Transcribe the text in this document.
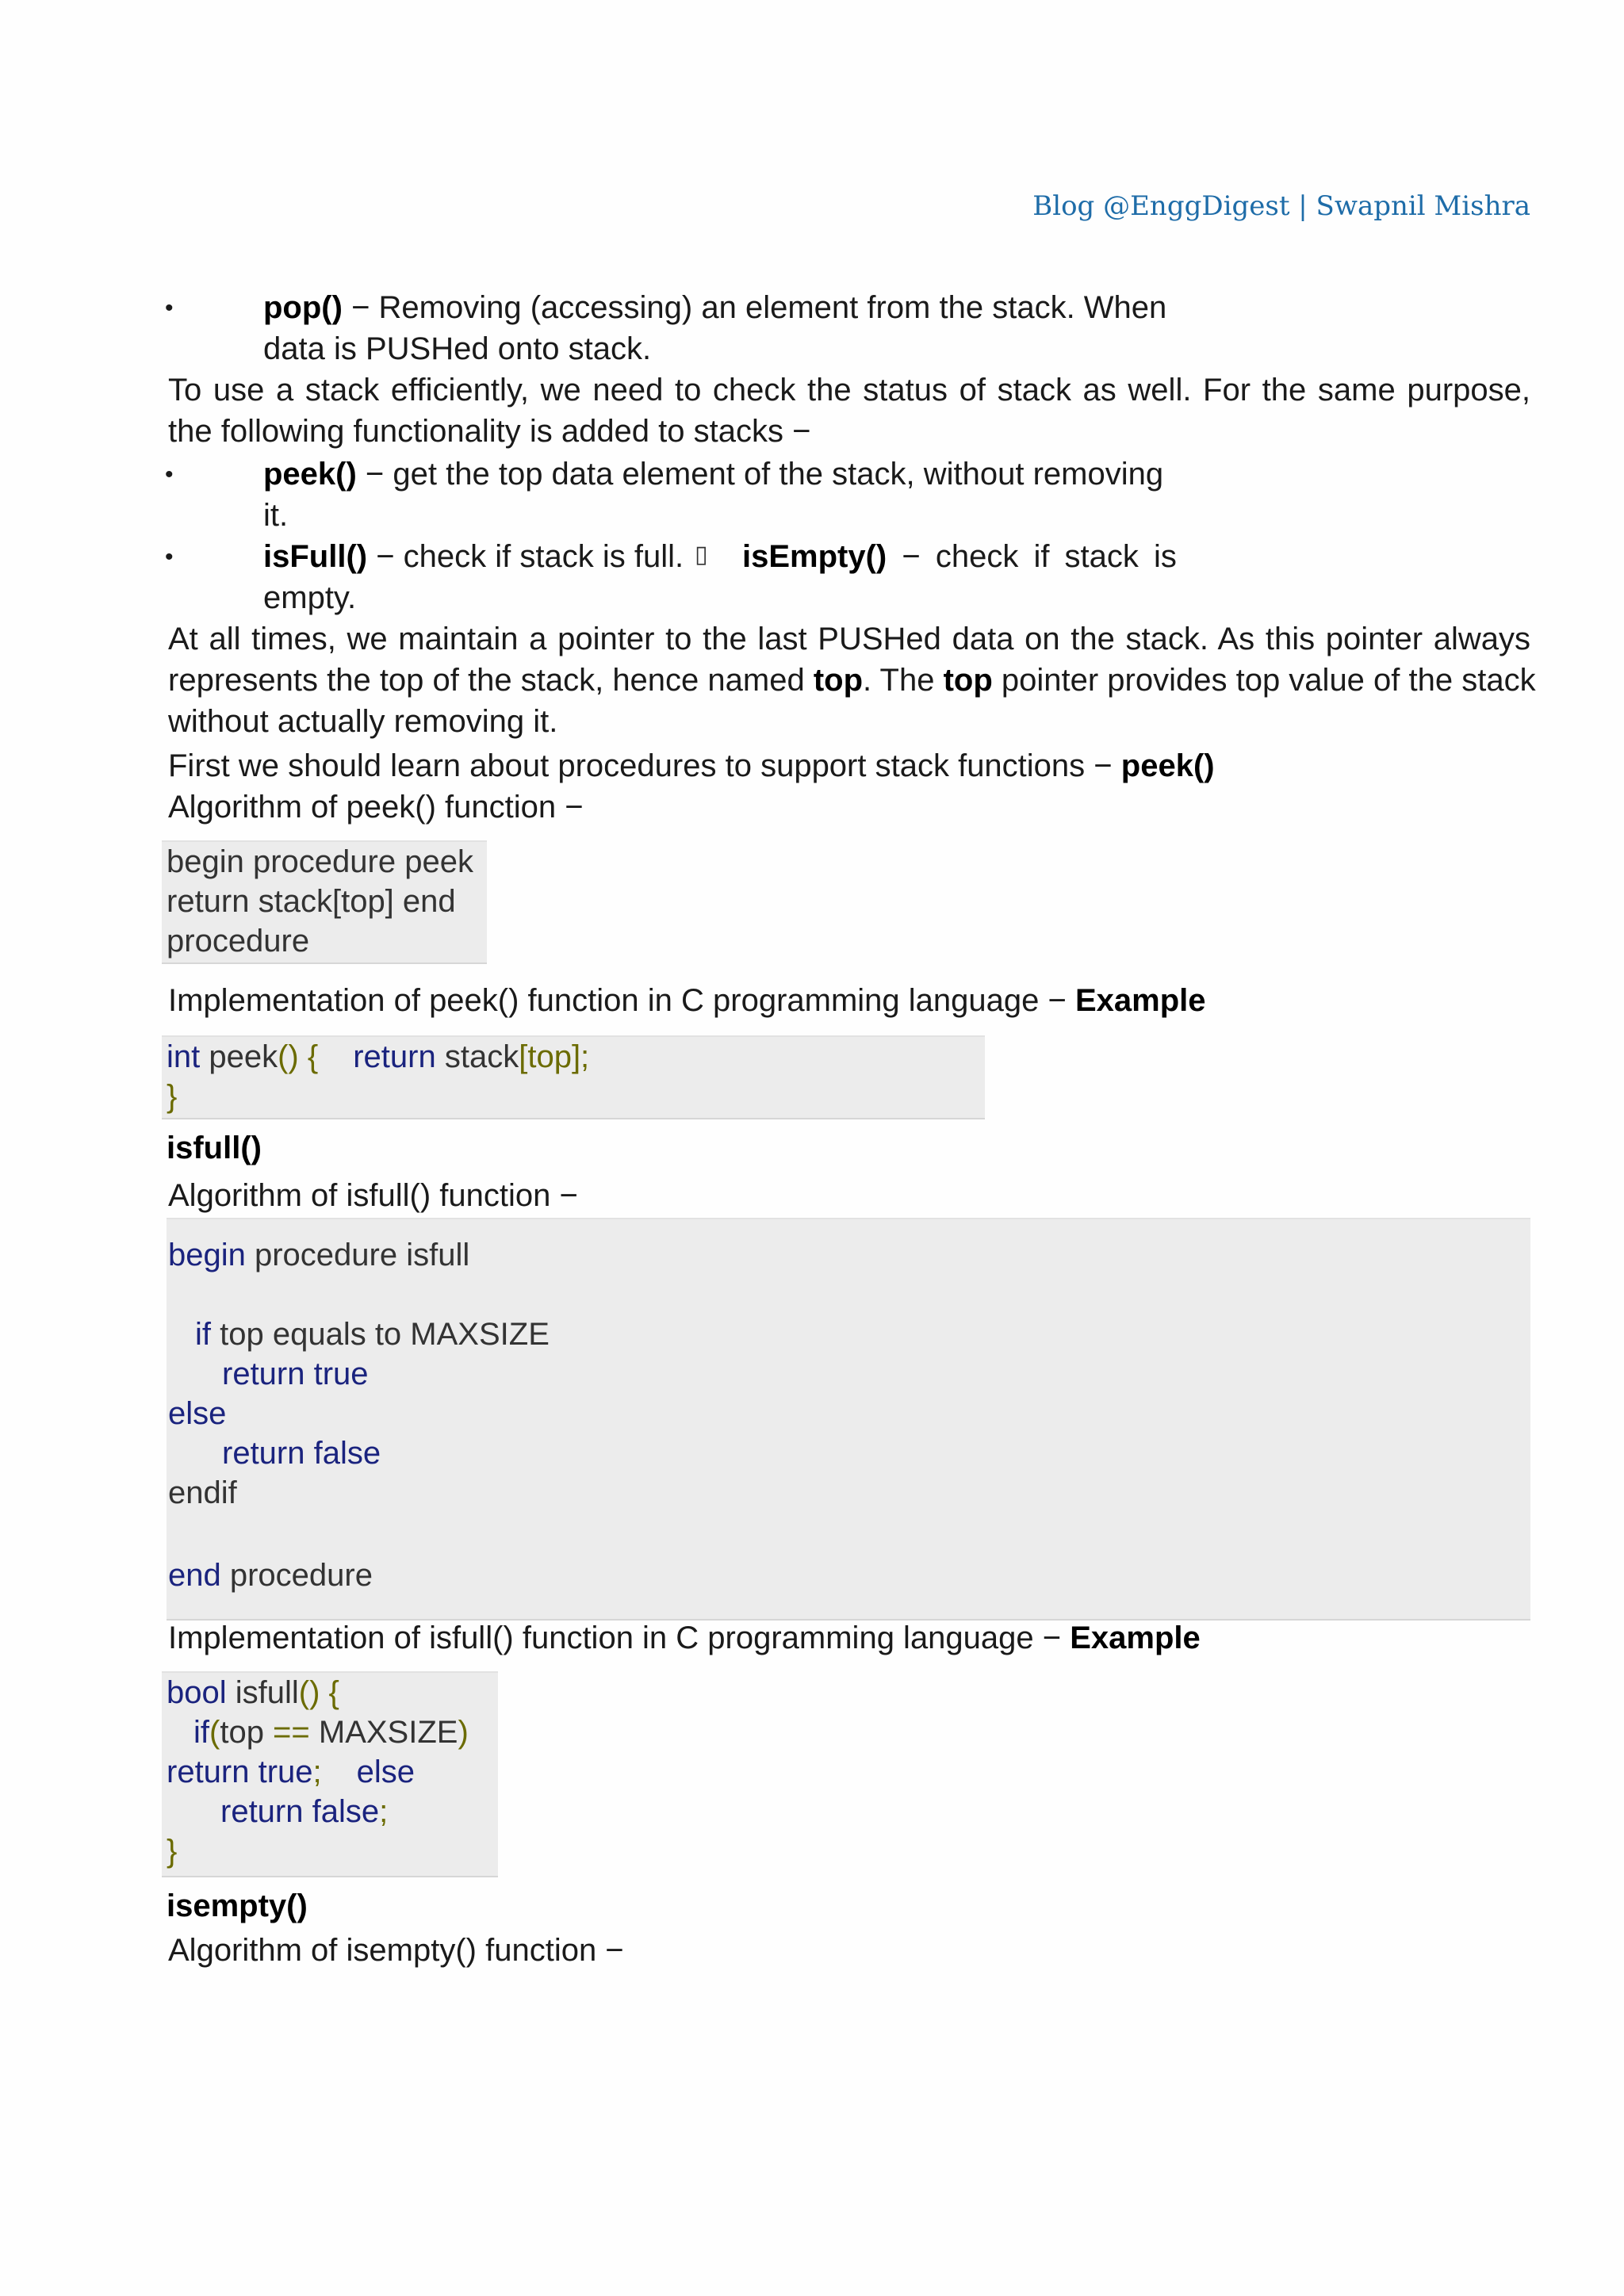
Blog @EnggDigest | Swapnil Mishra
•	pop() − Removing (accessing) an element from the stack. When
data is PUSHed onto stack.
To use a stack efficiently, we need to check the status of stack as well. For the same purpose, the following functionality is added to stacks −
•	peek() − get the top data element of the stack, without removing
it.
•	isFull() − check if stack is full. ▯ isEmpty() − check if stack is
empty.
At all times, we maintain a pointer to the last PUSHed data on the stack. As this pointer always
represents the top of the stack, hence named top. The top pointer provides top value of the stack
without actually removing it.
First we should learn about procedures to support stack functions − peek()
Algorithm of peek() function −
begin procedure peek
return stack[top] end
procedure
Implementation of peek() function in C programming language − Example
int peek() { return stack[top];
}
isfull()
Algorithm of isfull() function −
begin procedure isfull
if top equals to MAXSIZE
return true
else
return false
endif
end procedure
Implementation of isfull() function in C programming language − Example
bool isfull() {
if(top == MAXSIZE)
return true; else
return false;
}
isempty()
Algorithm of isempty() function −
